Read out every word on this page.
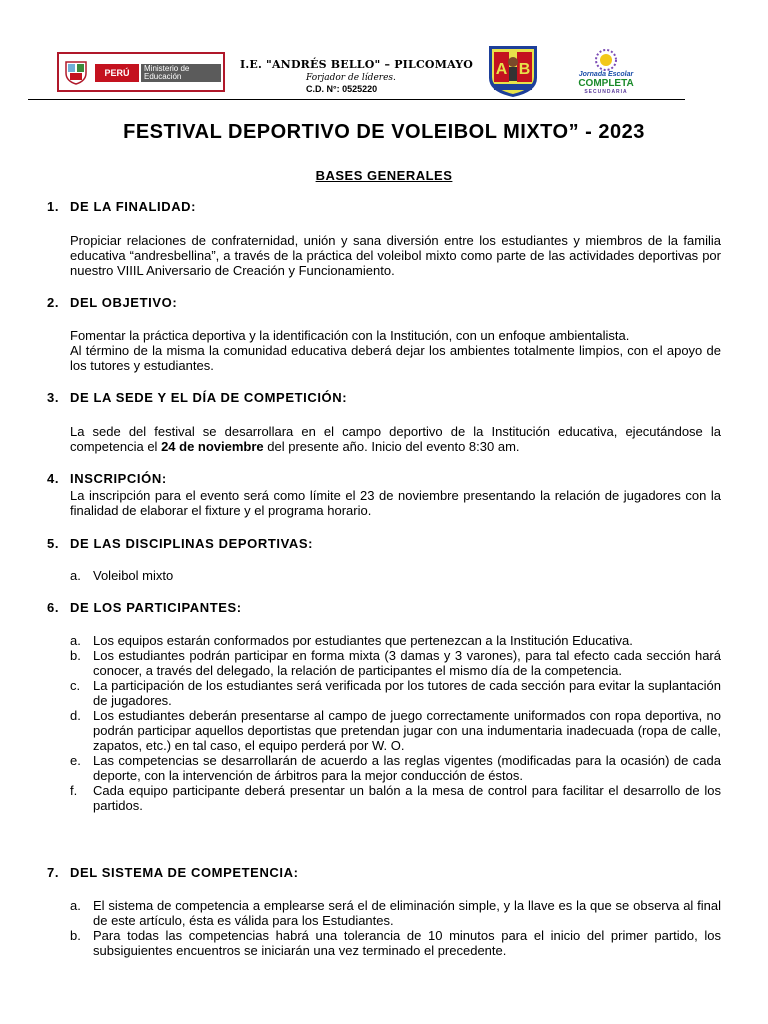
PERÚ	Ministerio de Educación
I.E. "ANDRÉS BELLO" – PILCOMAYO
Forjador de líderes.
C.D. N°: 0525220
A B	Jornada Escolar
COMPLETA
SECUNDARIA
FESTIVAL DEPORTIVO DE VOLEIBOL MIXTO” - 2023
BASES GENERALES
1. DE LA FINALIDAD:
Propiciar relaciones de confraternidad, unión y sana diversión entre los estudiantes y miembros de la familia educativa “andresbellina”, a través de la práctica del voleibol mixto como parte de las actividades deportivas por nuestro VIIIL Aniversario de Creación y Funcionamiento.
2. DEL OBJETIVO:
Fomentar la práctica deportiva y la identificación con la Institución, con un enfoque ambientalista.
Al término de la misma la comunidad educativa deberá dejar los ambientes totalmente limpios, con el apoyo de los tutores y estudiantes.
3. DE LA SEDE Y EL DÍA DE COMPETICIÓN:
La sede del festival se desarrollara en el campo deportivo de la Institución educativa, ejecutándose la competencia el 24 de noviembre del presente año. Inicio del evento 8:30 am.
4. INSCRIPCIÓN:
La inscripción para el evento será como límite el 23 de noviembre presentando la relación de jugadores con la finalidad de elaborar el fixture y el programa horario.
5. DE LAS DISCIPLINAS DEPORTIVAS:
a. Voleibol mixto
6. DE LOS PARTICIPANTES:
a. Los equipos estarán conformados por estudiantes que pertenezcan a la Institución Educativa.
b. Los estudiantes podrán participar en forma mixta (3 damas y 3 varones), para tal efecto cada sección hará conocer, a través del delegado, la relación de participantes el mismo día de la competencia.
c. La participación de los estudiantes será verificada por los tutores de cada sección para evitar la suplantación de jugadores.
d. Los estudiantes deberán presentarse al campo de juego correctamente uniformados con ropa deportiva, no podrán participar aquellos deportistas que pretendan jugar con una indumentaria inadecuada (ropa de calle, zapatos, etc.) en tal caso, el equipo perderá por W. O.
e. Las competencias se desarrollarán de acuerdo a las reglas vigentes (modificadas para la ocasión) de cada deporte, con la intervención de árbitros para la mejor conducción de éstos.
f. Cada equipo participante deberá presentar un balón a la mesa de control para facilitar el desarrollo de los partidos.
7. DEL SISTEMA DE COMPETENCIA:
a. El sistema de competencia a emplearse será el de eliminación simple, y la llave es la que se observa al final de este artículo, ésta es válida para los Estudiantes.
b. Para todas las competencias habrá una tolerancia de 10 minutos para el inicio del primer partido, los subsiguientes encuentros se iniciarán una vez terminado el precedente.
